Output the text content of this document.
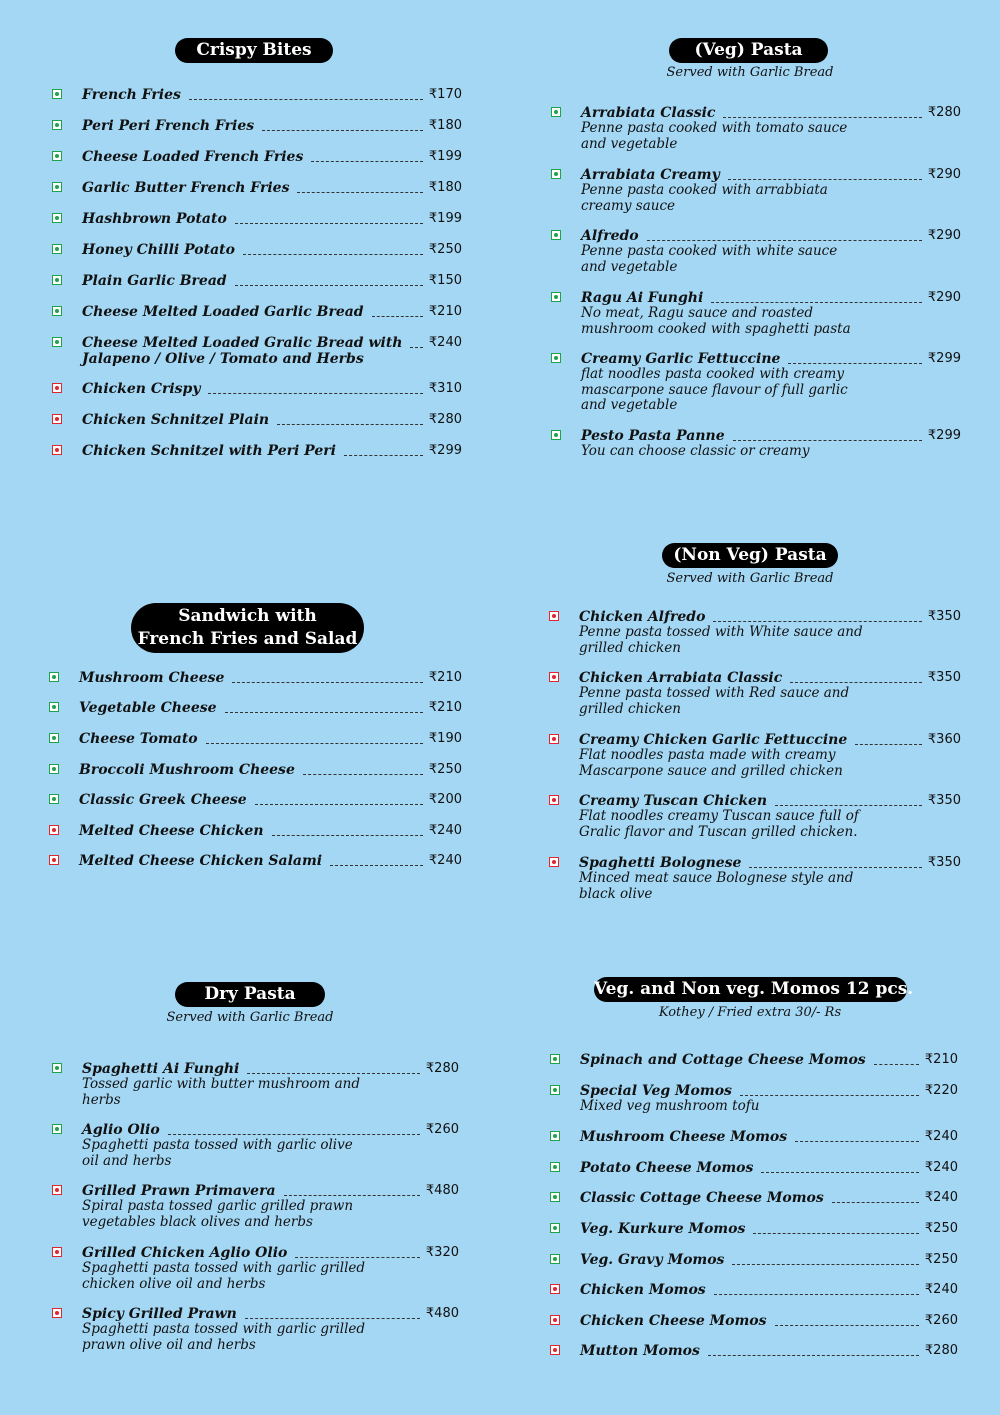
Crispy Bites	(Veg) Pasta
Served with Garlic Bread
Sandwich with
French Fries and Salad
(Non Veg) Pasta
Served with Garlic Bread
Dry Pasta
Served with Garlic Bread
Veg. and Non veg. Momos 12 pcs.
Kothey / Fried extra 30/- Rs
French Fries	₹170
Peri Peri French Fries	₹180
Cheese Loaded French Fries	₹199
Garlic Butter French Fries	₹180
Hashbrown Potato	₹199
Honey Chilli Potato	₹250
Plain Garlic Bread	₹150
Cheese Melted Loaded Garlic Bread	₹210
Cheese Melted Loaded Gralic Bread with ₹240
Jalapeno / Olive / Tomato and Herbs
Chicken Crispy	₹310
Chicken Schnitzel Plain	₹280
Chicken Schnitzel with Peri Peri	₹299
Arrabiata Classic	₹280
Penne pasta cooked with tomato sauce and vegetable
Arrabiata Creamy	₹290
Penne pasta cooked with arrabbiata creamy sauce
Alfredo	₹290
Penne pasta cooked with white sauce and vegetable
Ragu Ai Funghi	₹290
No meat, Ragu sauce and roasted mushroom cooked with spaghetti pasta
Creamy Garlic Fettuccine	₹299
flat noodles pasta cooked with creamy mascarpone sauce flavour of full garlic and vegetable
Pesto Pasta Panne	₹299
You can choose classic or creamy
Mushroom Cheese	₹210
Vegetable Cheese	₹210
Cheese Tomato	₹190
Broccoli Mushroom Cheese	₹250
Classic Greek Cheese	₹200
Melted Cheese Chicken	₹240
Melted Cheese Chicken Salami	₹240
Chicken Alfredo	₹350
Penne pasta tossed with White sauce and grilled chicken
Chicken Arrabiata Classic	₹350
Penne pasta tossed with Red sauce and grilled chicken
Creamy Chicken Garlic Fettuccine	₹360
Flat noodles pasta made with creamy Mascarpone sauce and grilled chicken
Creamy Tuscan Chicken	₹350
Flat noodles creamy Tuscan sauce full of Gralic flavor and Tuscan grilled chicken.
Spaghetti Bolognese	₹350
Minced meat sauce Bolognese style and black olive
Spaghetti Ai Funghi	₹280
Tossed garlic with butter mushroom and herbs
Aglio Olio	₹260
Spaghetti pasta tossed with garlic olive oil and herbs
Grilled Prawn Primavera	₹480
Spiral pasta tossed garlic grilled prawn vegetables black olives and herbs
Grilled Chicken Aglio Olio	₹320
Spaghetti pasta tossed with garlic grilled chicken olive oil and herbs
Spicy Grilled Prawn	₹480
Spaghetti pasta tossed with garlic grilled prawn olive oil and herbs
Spinach and Cottage Cheese Momos	₹210
Special Veg Momos	₹220
Mixed veg mushroom tofu
Mushroom Cheese Momos	₹240
Potato Cheese Momos	₹240
Classic Cottage Cheese Momos	₹240
Veg. Kurkure Momos	₹250
Veg. Gravy Momos	₹250
Chicken Momos	₹240
Chicken Cheese Momos	₹260
Mutton Momos	₹280
